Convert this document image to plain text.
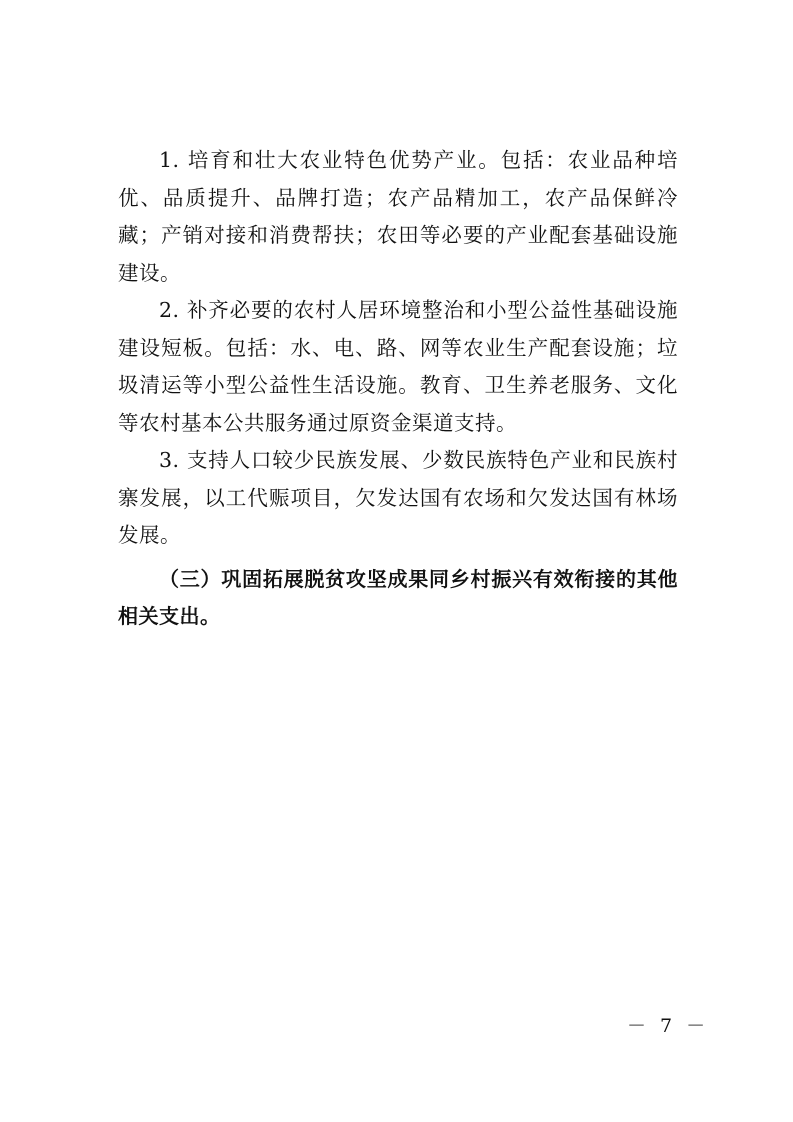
1. 培育和壮大农业特色优势产业。包括：农业品种培优、品质提升、品牌打造；农产品精加工，农产品保鲜冷藏；产销对接和消费帮扶；农田等必要的产业配套基础设施建设。

2. 补齐必要的农村人居环境整治和小型公益性基础设施建设短板。包括：水、电、路、网等农业生产配套设施；垃圾清运等小型公益性生活设施。教育、卫生养老服务、文化等农村基本公共服务通过原资金渠道支持。

3. 支持人口较少民族发展、少数民族特色产业和民族村寨发展，以工代赈项目，欠发达国有农场和欠发达国有林场发展。

（三）巩固拓展脱贫攻坚成果同乡村振兴有效衔接的其他相关支出。

－ 7 －
